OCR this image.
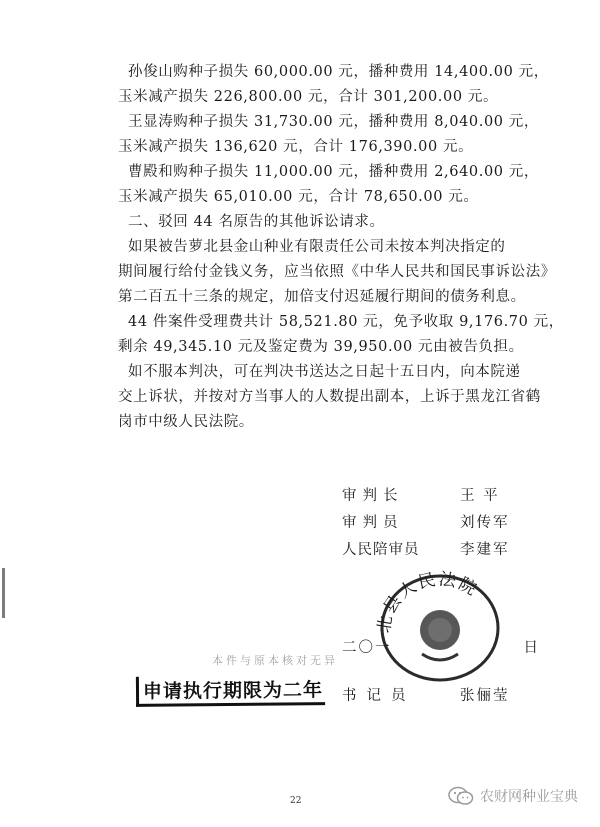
孙俊山购种子损失 60,000.00 元，播种费用 14,400.00 元，

玉米减产损失 226,800.00 元，合计 301,200.00 元。

王显涛购种子损失 31,730.00 元，播种费用 8,040.00 元，

玉米减产损失 136,620 元，合计 176,390.00 元。

曹殿和购种子损失 11,000.00 元，播种费用 2,640.00 元，

玉米减产损失 65,010.00 元，合计 78,650.00 元。

二、驳回 44 名原告的其他诉讼请求。

如果被告萝北县金山种业有限责任公司未按本判决指定的

期间履行给付金钱义务，应当依照《中华人民共和国民事诉讼法》

第二百五十三条的规定，加倍支付迟延履行期间的债务利息。

44 件案件受理费共计 58,521.80 元，免予收取 9,176.70 元，

剩余 49,345.10 元及鉴定费为 39,950.00 元由被告负担。

如不服本判决，可在判决书送达之日起十五日内，向本院递

交上诉状，并按对方当事人的人数提出副本，上诉于黑龙江省鹤

岗市中级人民法院。

审判长	王 平
审判员	刘传军
人民陪审员	李建军
北县人民法院
二〇一　　　　　　　　日
本件与原本核对无异
申请执行期限为二年 书记员	张俪莹
22	农财网种业宝典
